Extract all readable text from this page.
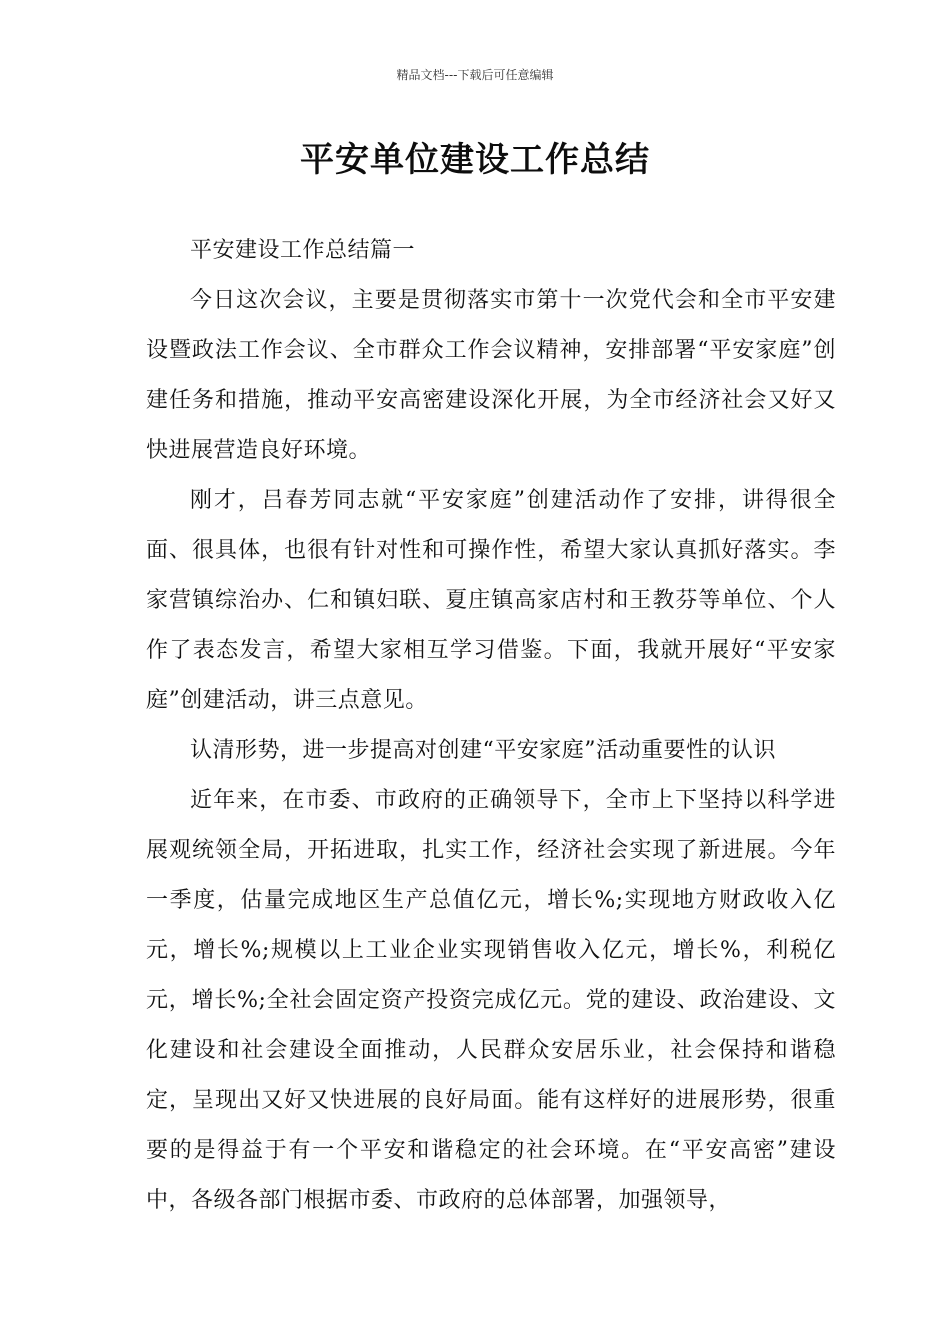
精品文档---下载后可任意编辑
平安单位建设工作总结

平安建设工作总结篇一

今日这次会议，主要是贯彻落实市第十一次党代会和全市平安建设暨政法工作会议、全市群众工作会议精神，安排部署“平安家庭”创建任务和措施，推动平安高密建设深化开展，为全市经济社会又好又快进展营造良好环境。

刚才，吕春芳同志就“平安家庭”创建活动作了安排，讲得很全面、很具体，也很有针对性和可操作性，希望大家认真抓好落实。李家营镇综治办、仁和镇妇联、夏庄镇高家店村和王教芬等单位、个人作了表态发言，希望大家相互学习借鉴。下面，我就开展好“平安家庭”创建活动，讲三点意见。

认清形势，进一步提高对创建“平安家庭”活动重要性的认识

近年来，在市委、市政府的正确领导下，全市上下坚持以科学进展观统领全局，开拓进取，扎实工作，经济社会实现了新进展。今年一季度，估量完成地区生产总值亿元，增长%;实现地方财政收入亿元，增长%;规模以上工业企业实现销售收入亿元，增长%，利税亿元，增长%;全社会固定资产投资完成亿元。党的建设、政治建设、文化建设和社会建设全面推动，人民群众安居乐业，社会保持和谐稳定，呈现出又好又快进展的良好局面。能有这样好的进展形势，很重要的是得益于有一个平安和谐稳定的社会环境。在“平安高密”建设中，各级各部门根据市委、市政府的总体部署，加强领导，
